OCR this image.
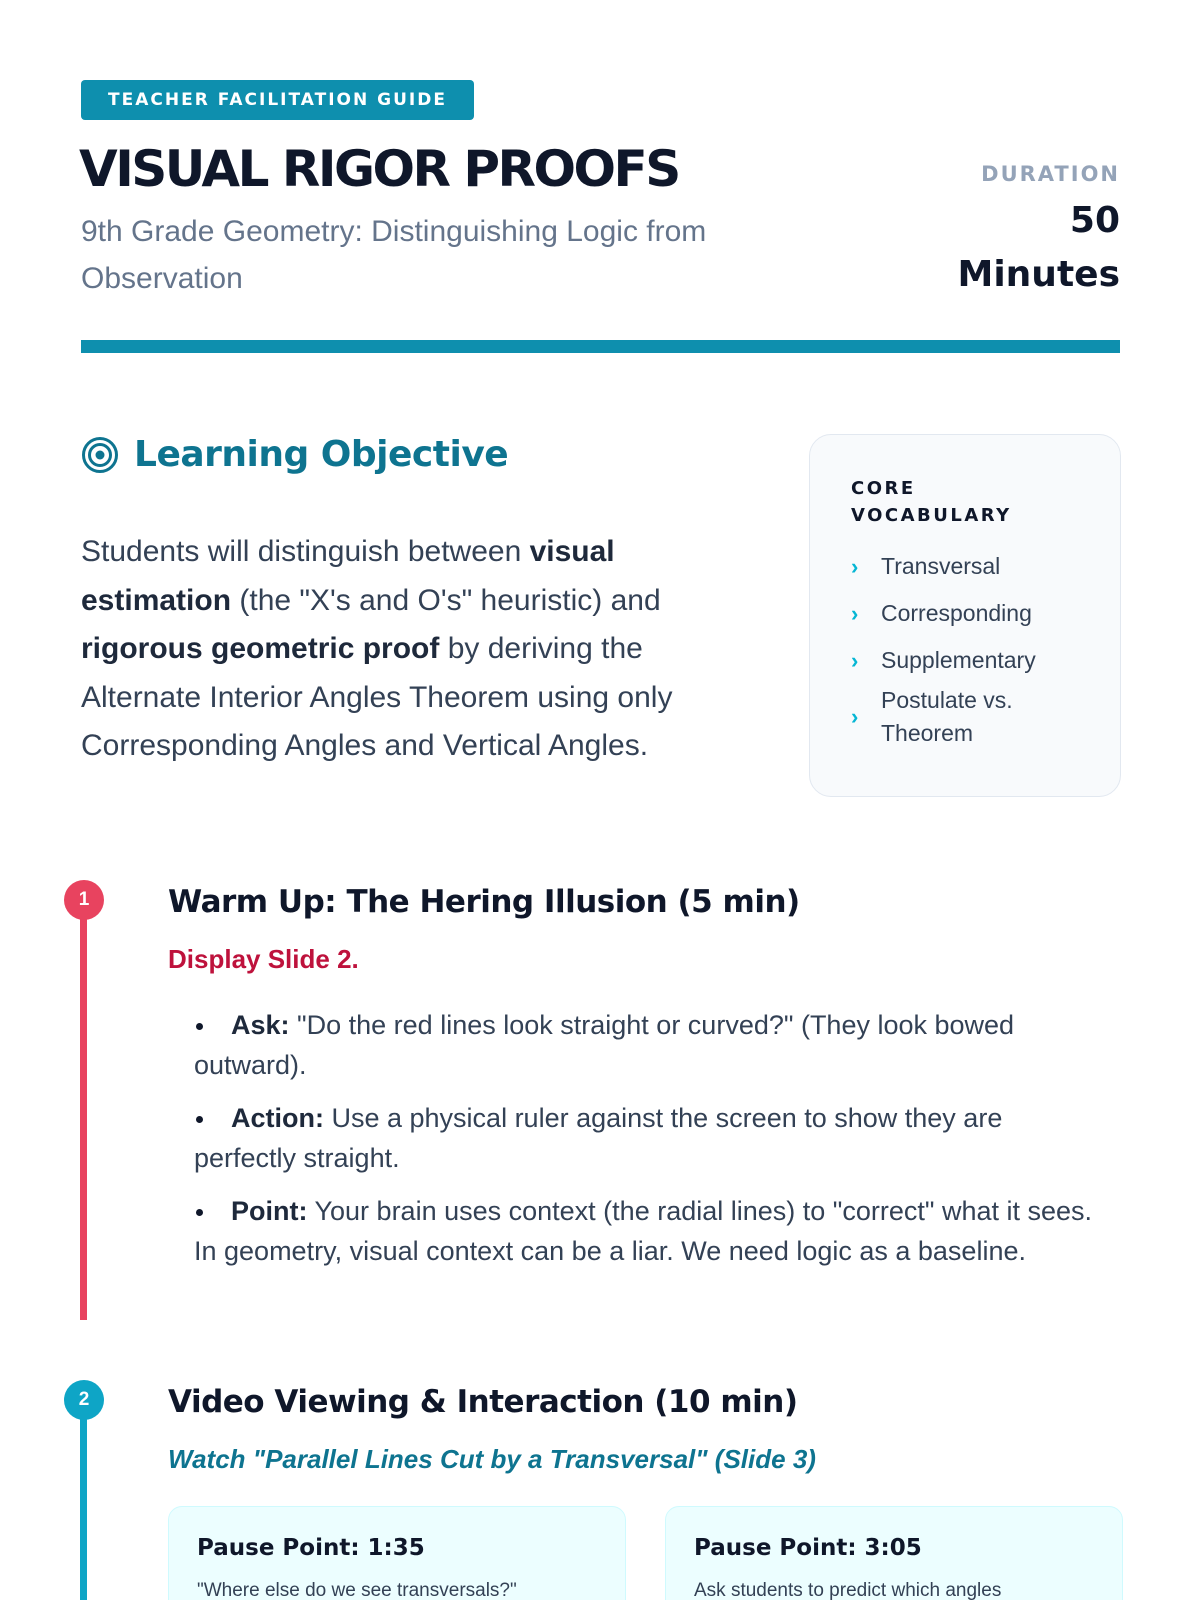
TEACHER FACILITATION GUIDE
VISUAL RIGOR PROOFS

9th Grade Geometry: Distinguishing Logic from Observation

DURATION
50 Minutes
Learning Objective

Students will distinguish between visual estimation (the "X's and O's" heuristic) and rigorous geometric proof by deriving the Alternate Interior Angles Theorem using only Corresponding Angles and Vertical Angles.

CORE VOCABULARY
› Transversal
› Corresponding
› Supplementary
›
Postulate vs. Theorem
1	Warm Up: The Hering Illusion (5 min)

Display Slide 2.

Ask: "Do the red lines look straight or curved?" (They look bowed outward).
Action: Use a physical ruler against the screen to show they are perfectly straight.
Point: Your brain uses context (the radial lines) to "correct" what it sees. In geometry, visual context can be a liar. We need logic as a baseline.
2	Video Viewing & Interaction (10 min)

Watch "Parallel Lines Cut by a Transversal" (Slide 3)

Pause Point: 1:35
"Where else do we see transversals?"
Pause Point: 3:05
Ask students to predict which angles
